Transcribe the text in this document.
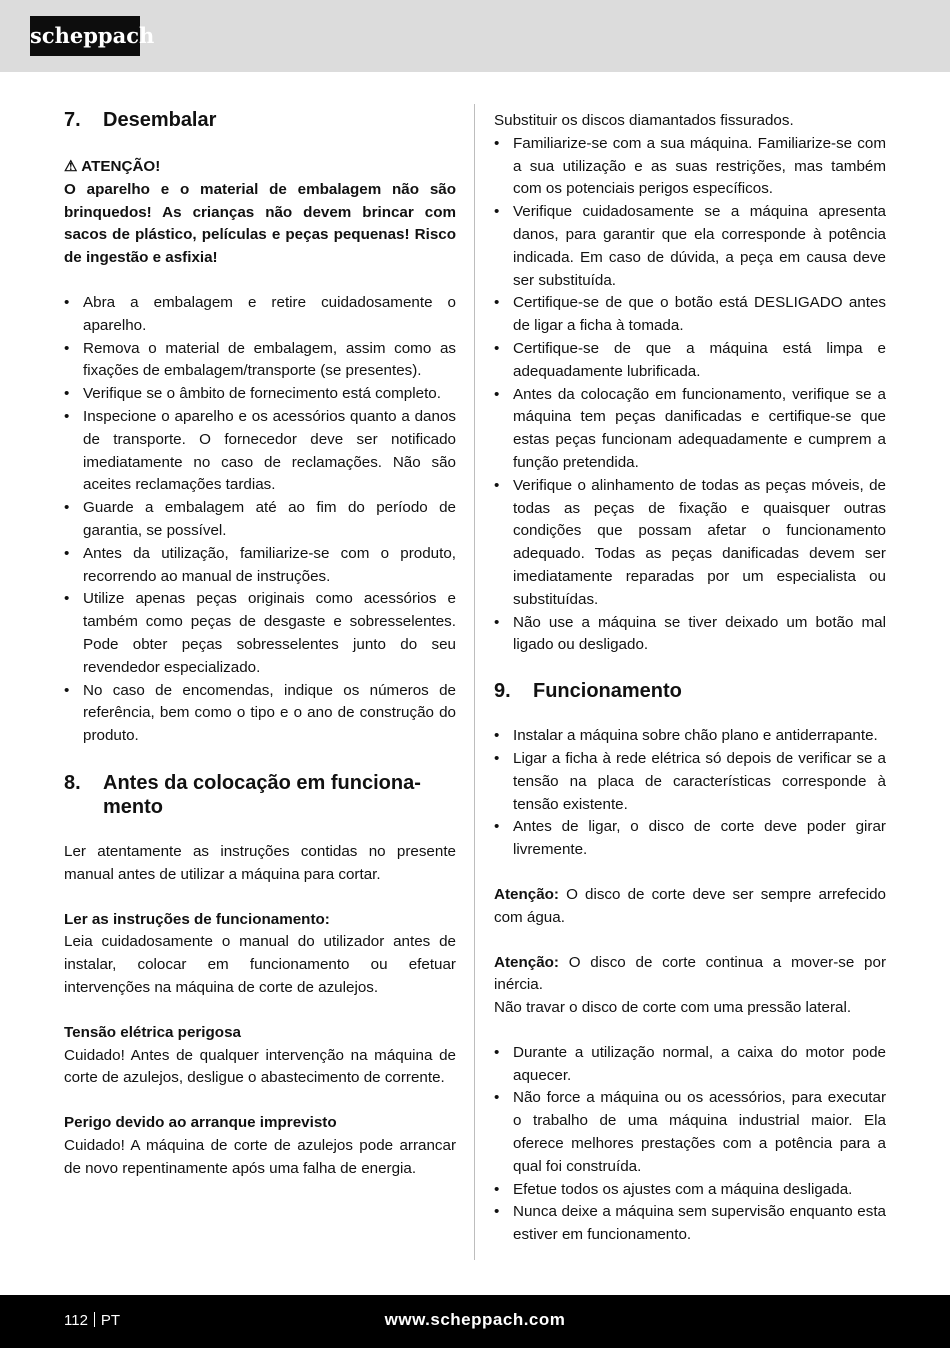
scheppach
7.	Desembalar
⚠ ATENÇÃO!

O aparelho e o material de embalagem não são brinquedos! As crianças não devem brincar com sacos de plástico, películas e peças pequenas! Risco de ingestão e asfixia!

• Abra a embalagem e retire cuidadosamente o aparelho.
• Remova o material de embalagem, assim como as fixações de embalagem/transporte (se presentes).
• Verifique se o âmbito de fornecimento está completo.
• Inspecione o aparelho e os acessórios quanto a danos de transporte. O fornecedor deve ser notificado imediatamente no caso de reclamações. Não são aceites reclamações tardias.
• Guarde a embalagem até ao fim do período de garantia, se possível.
• Antes da utilização, familiarize-se com o produto, recorrendo ao manual de instruções.
• Utilize apenas peças originais como acessórios e também como peças de desgaste e sobresselentes. Pode obter peças sobresselentes junto do seu revendedor especializado.
• No caso de encomendas, indique os números de referência, bem como o tipo e o ano de construção do produto.
8.	Antes da colocação em funciona-
mento

Ler atentamente as instruções contidas no presente manual antes de utilizar a máquina para cortar.

Ler as instruções de funcionamento:

Leia cuidadosamente o manual do utilizador antes de instalar, colocar em funcionamento ou efetuar intervenções na máquina de corte de azulejos.

Tensão elétrica perigosa

Cuidado! Antes de qualquer intervenção na máquina de corte de azulejos, desligue o abastecimento de corrente.

Perigo devido ao arranque imprevisto

Cuidado! A máquina de corte de azulejos pode arrancar de novo repentinamente após uma falha de energia.

Substituir os discos diamantados fissurados.

• Familiarize-se com a sua máquina. Familiarize-se com a sua utilização e as suas restrições, mas também com os potenciais perigos específicos.
• Verifique cuidadosamente se a máquina apresenta danos, para garantir que ela corresponde à potência indicada. Em caso de dúvida, a peça em causa deve ser substituída.
• Certifique-se de que o botão está DESLIGADO antes de ligar a ficha à tomada.
• Certifique-se de que a máquina está limpa e adequadamente lubrificada.
• Antes da colocação em funcionamento, verifique se a máquina tem peças danificadas e certifique-se que estas peças funcionam adequadamente e cumprem a função pretendida.
• Verifique o alinhamento de todas as peças móveis, de todas as peças de fixação e quaisquer outras condições que possam afetar o funcionamento adequado. Todas as peças danificadas devem ser imediatamente reparadas por um especialista ou substituídas.
• Não use a máquina se tiver deixado um botão mal ligado ou desligado.
9.	Funcionamento
• Instalar a máquina sobre chão plano e antiderrapante.
• Ligar a ficha à rede elétrica só depois de verificar se a tensão na placa de características corresponde à tensão existente.
• Antes de ligar, o disco de corte deve poder girar livremente.

Atenção: O disco de corte deve ser sempre arrefecido com água.

Atenção: O disco de corte continua a mover-se por inércia.

Não travar o disco de corte com uma pressão lateral.

• Durante a utilização normal, a caixa do motor pode aquecer.
• Não force a máquina ou os acessórios, para executar o trabalho de uma máquina industrial maior. Ela oferece melhores prestações com a potência para a qual foi construída.
• Efetue todos os ajustes com a máquina desligada.
• Nunca deixe a máquina sem supervisão enquanto esta estiver em funcionamento.
112 PT	www.scheppach.com
